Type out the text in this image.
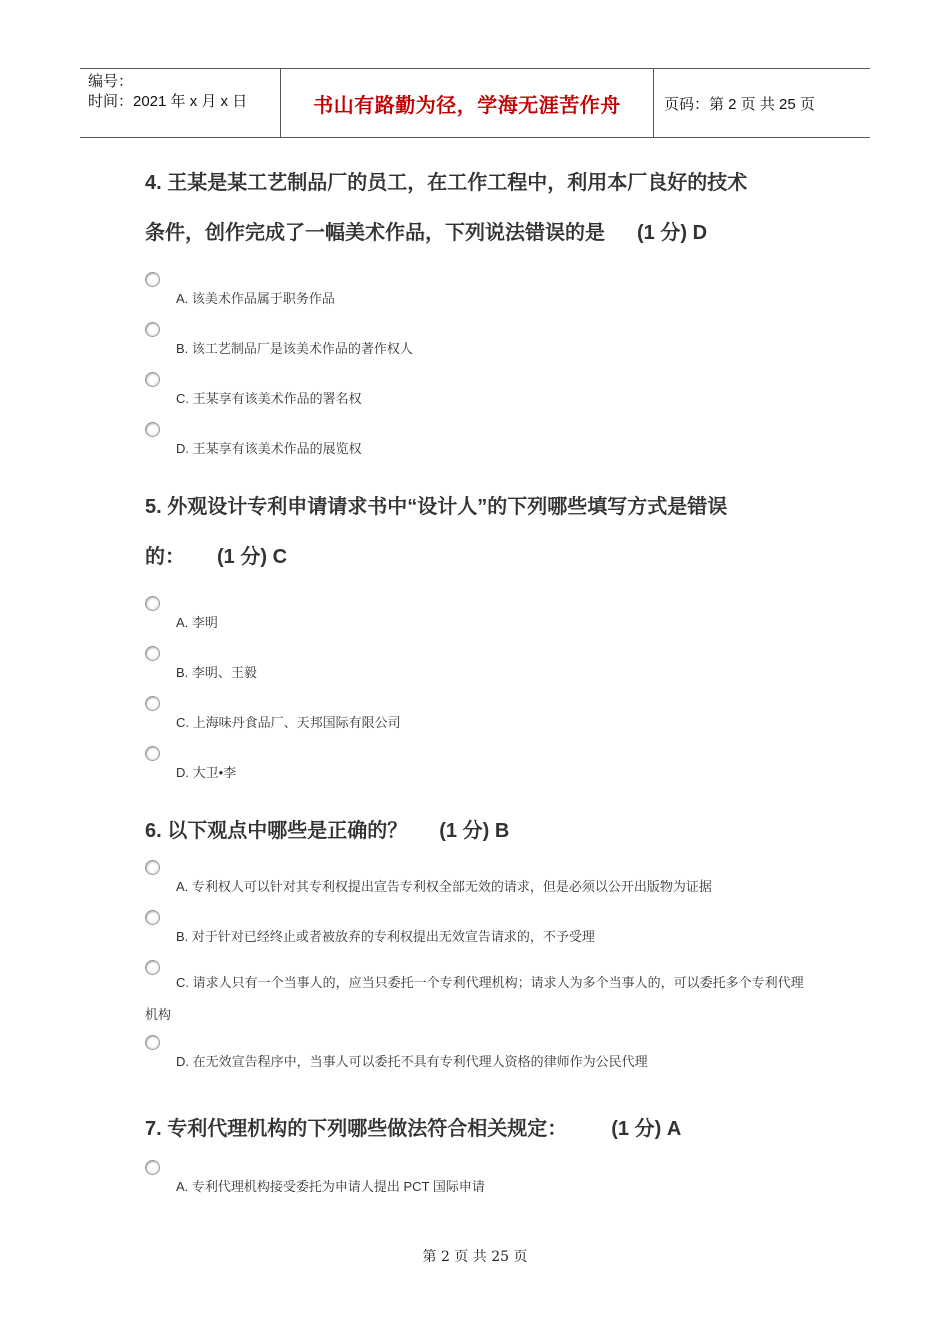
编号：
时间：2021 年 x 月 x 日	书山有路勤为径，学海无涯苦作舟	页码：第 2 页 共 25 页
4. 王某是某工艺制品厂的员工，在工作工程中，利用本厂良好的技术
条件，创作完成了一幅美术作品，下列说法错误的是 (1 分) D
A. 该美术作品属于职务作品
B. 该工艺制品厂是该美术作品的著作权人
C. 王某享有该美术作品的署名权
D. 王某享有该美术作品的展览权
5. 外观设计专利申请请求书中“设计人”的下列哪些填写方式是错误
的： (1 分) C
A. 李明
B. 李明、王毅
C. 上海味丹食品厂、天邦国际有限公司
D. 大卫•李
6. 以下观点中哪些是正确的？ (1 分) B
A. 专利权人可以针对其专利权提出宣告专利权全部无效的请求，但是必须以公开出版物为证据
B. 对于针对已经终止或者被放弃的专利权提出无效宣告请求的，不予受理
C. 请求人只有一个当事人的，应当只委托一个专利代理机构；请求人为多个当事人的，可以委托多个专利代理机构
D. 在无效宣告程序中，当事人可以委托不具有专利代理人资格的律师作为公民代理
7. 专利代理机构的下列哪些做法符合相关规定： (1 分) A
A. 专利代理机构接受委托为申请人提出 PCT 国际申请
第 2 页 共 25 页
